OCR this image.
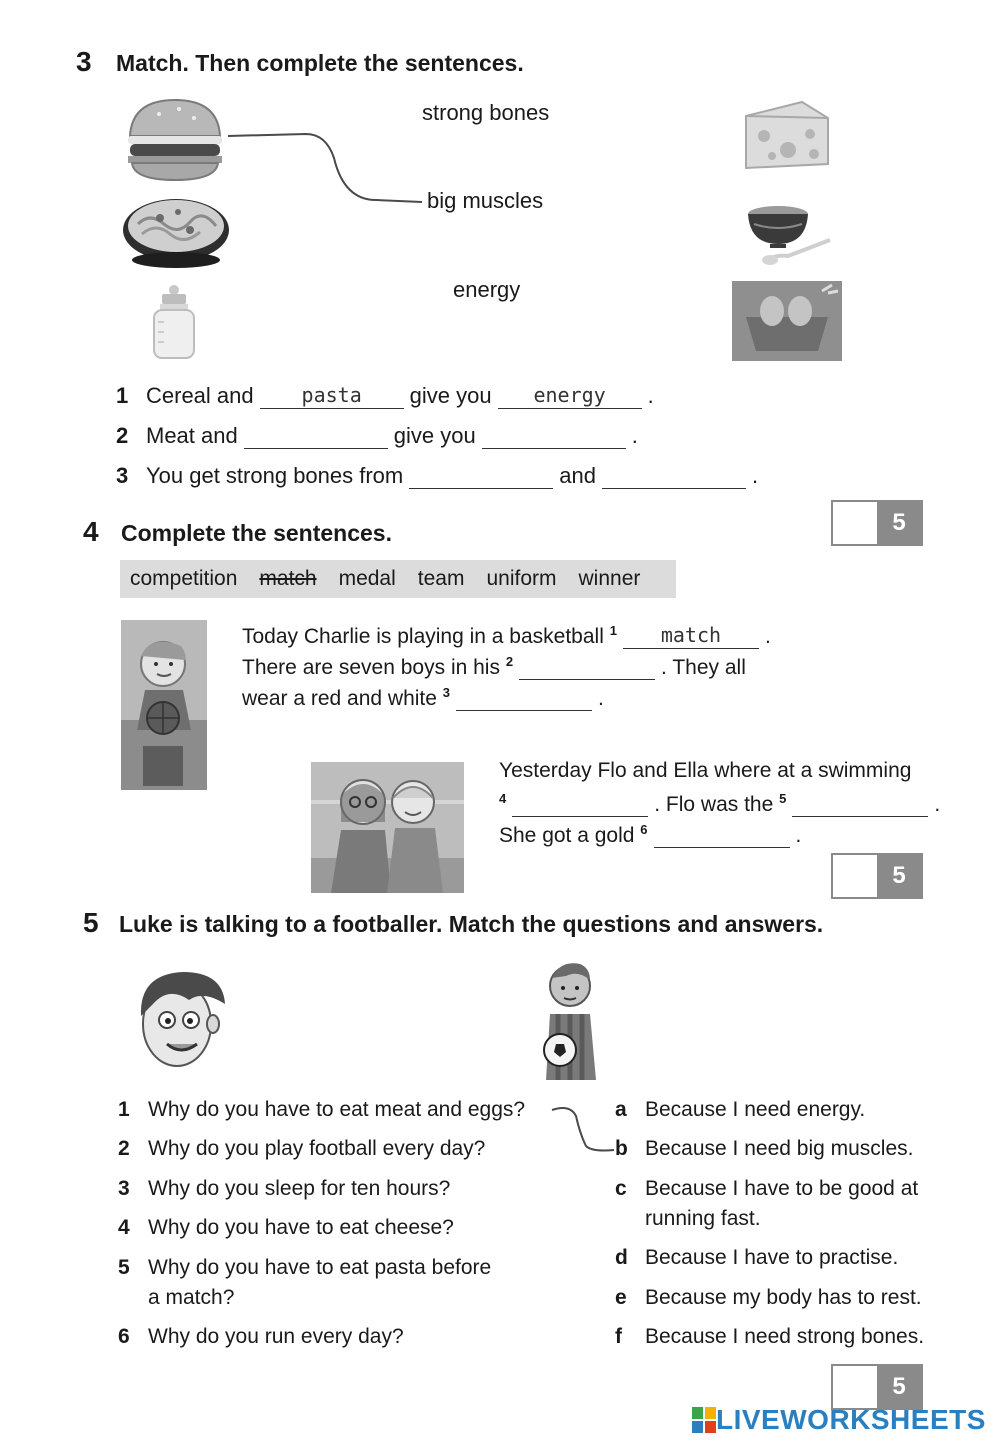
3 Match. Then complete the sentences.
strong bones
big muscles
energy
1 Cereal and pasta give you energy .
2 Meat and	give you	.
3 You get strong bones from	and	.
5
4 Complete the sentences.
competition match medal team uniform winner
Today Charlie is playing in a basketball $^1$ match .
There are seven boys in his $^2$	. They all
wear a red and white $^3$	.
Yesterday Flo and Ella where at a swimming
$^4$	. Flo was the $^5$	.
She got a gold $^6$	.
5
5 Luke is talking to a footballer. Match the questions and answers.
1 Why do you have to eat meat and eggs?
2 Why do you play football every day?
3 Why do you sleep for ten hours?
4 Why do you have to eat cheese?
5 Why do you have to eat pasta before
a match?
6 Why do you run every day?
a Because I need energy.
b Because I need big muscles.
c Because I have to be good at
running fast.
d Because I have to practise.
e Because my body has to rest.
f Because I need strong bones.
5
LIVEWORKSHEETS
